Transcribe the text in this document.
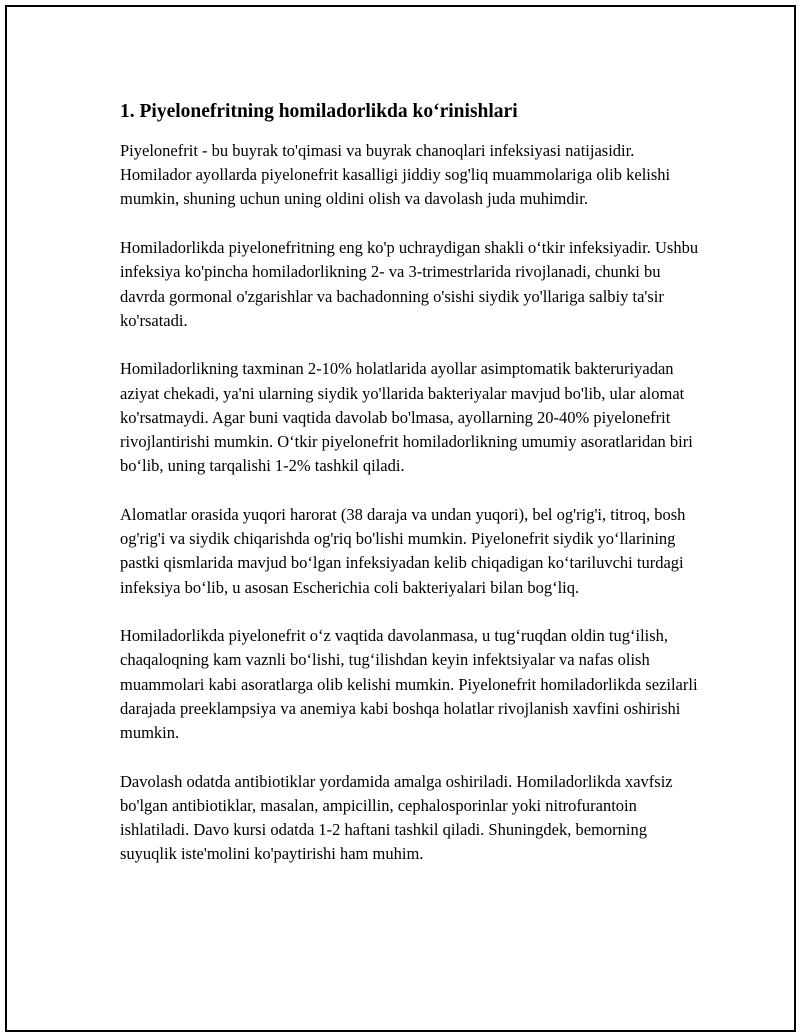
1. Piyelonefritning homiladorlikda ko‘rinishlari

Piyelonefrit - bu buyrak to'qimasi va buyrak chanoqlari infeksiyasi natijasidir. Homilador ayollarda piyelonefrit kasalligi jiddiy sog'liq muammolariga olib kelishi mumkin, shuning uchun uning oldini olish va davolash juda muhimdir.

Homiladorlikda piyelonefritning eng ko'p uchraydigan shakli o‘tkir infeksiyadir. Ushbu infeksiya ko'pincha homiladorlikning 2- va 3-trimestrlarida rivojlanadi, chunki bu davrda gormonal o'zgarishlar va bachadonning o'sishi siydik yo'llariga salbiy ta'sir ko'rsatadi.

Homiladorlikning taxminan 2-10% holatlarida ayollar asimptomatik bakteruriyadan aziyat chekadi, ya'ni ularning siydik yo'llarida bakteriyalar mavjud bo'lib, ular alomat ko'rsatmaydi. Agar buni vaqtida davolab bo'lmasa, ayollarning 20-40% piyelonefrit rivojlantirishi mumkin. O‘tkir piyelonefrit homiladorlikning umumiy asoratlaridan biri bo‘lib, uning tarqalishi 1-2% tashkil qiladi.

Alomatlar orasida yuqori harorat (38 daraja va undan yuqori), bel og'rig'i, titroq, bosh og'rig'i va siydik chiqarishda og'riq bo'lishi mumkin. Piyelonefrit siydik yo‘llarining pastki qismlarida mavjud bo‘lgan infeksiyadan kelib chiqadigan ko‘tariluvchi turdagi infeksiya bo‘lib, u asosan Escherichia coli bakteriyalari bilan bog‘liq.

Homiladorlikda piyelonefrit o‘z vaqtida davolanmasa, u tug‘ruqdan oldin tug‘ilish, chaqaloqning kam vaznli bo‘lishi, tug‘ilishdan keyin infektsiyalar va nafas olish muammolari kabi asoratlarga olib kelishi mumkin. Piyelonefrit homiladorlikda sezilarli darajada preeklampsiya va anemiya kabi boshqa holatlar rivojlanish xavfini oshirishi mumkin.

Davolash odatda antibiotiklar yordamida amalga oshiriladi. Homiladorlikda xavfsiz bo'lgan antibiotiklar, masalan, ampicillin, cephalosporinlar yoki nitrofurantoin ishlatiladi. Davo kursi odatda 1-2 haftani tashkil qiladi. Shuningdek, bemorning suyuqlik iste'molini ko'paytirishi ham muhim.
